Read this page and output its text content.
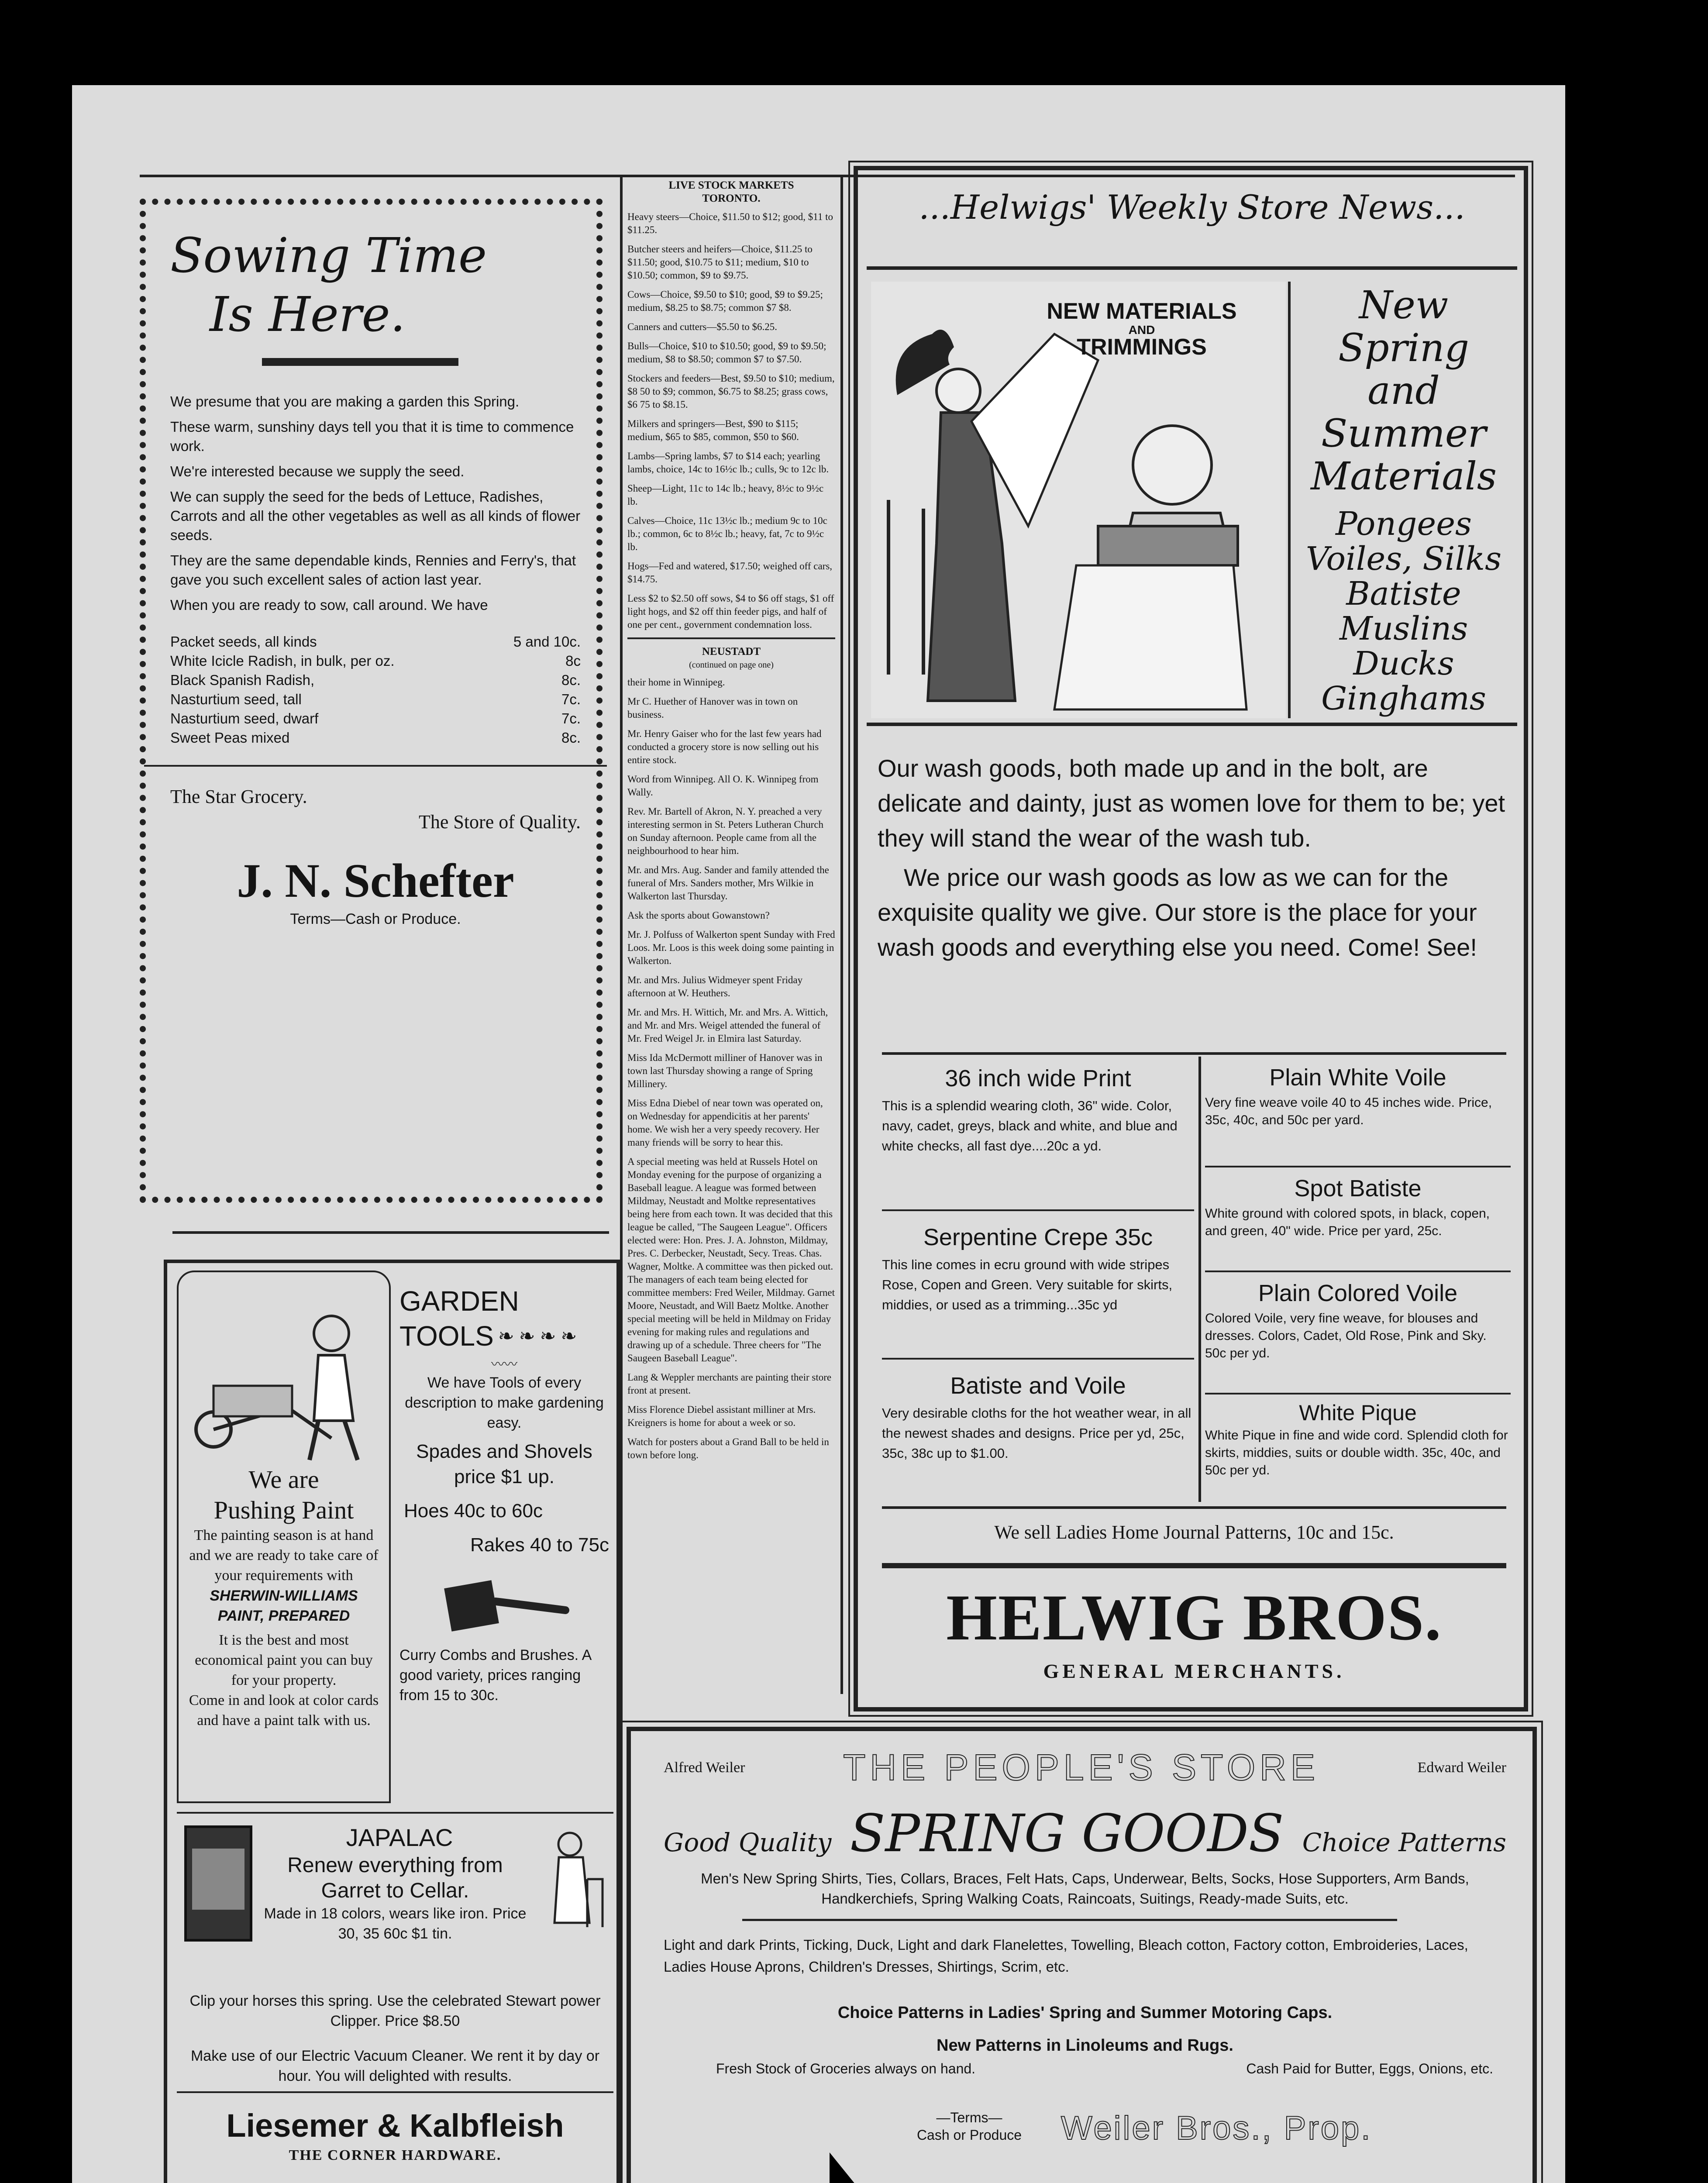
Sowing Time
Is Here.

We presume that you are making a garden this Spring.

These warm, sunshiny days tell you that it is time to commence work.

We're interested because we supply the seed.

We can supply the seed for the beds of Lettuce, Radishes, Carrots and all the other vegetables as well as all kinds of flower seeds.

They are the same dependable kinds, Rennies and Ferry's, that gave you such excellent sales of action last year.

When you are ready to sow, call around. We have

Packet seeds, all kinds	5 and 10c.
White Icicle Radish, in bulk, per oz.	8c
Black Spanish Radish,	8c.
Nasturtium seed, tall	7c.
Nasturtium seed, dwarf	7c.
Sweet Peas mixed	8c.
The Star Grocery.
The Store of Quality.
J. N. Schefter
Terms—Cash or Produce.
We are
Pushing Paint
The painting season is at hand and we are ready to take care of your requirements with
SHERWIN-WILLIAMS
PAINT, PREPARED
It is the best and most economical paint you can buy for your property.
Come in and look at color cards and have a paint talk with us.
GARDEN
TOOLS ❧ ❧ ❧ ❧
〰〰
We have Tools of every description to make gardening easy.
Spades and Shovels
price $1 up.
Hoes 40c to 60c
Rakes 40 to 75c
Curry Combs and Brushes. A good variety, prices ranging from 15 to 30c.
JAPALAC
Renew everything from Garret to Cellar.
Made in 18 colors, wears like iron. Price 30, 35 60c $1 tin.

Clip your horses this spring. Use the celebrated Stewart power Clipper. Price $8.50

Make use of our Electric Vacuum Cleaner. We rent it by day or hour. You will delighted with results.

Liesemer & Kalbfleish
THE CORNER HARDWARE.
LIVE STOCK MARKETS
TORONTO.

Heavy steers—Choice, $11.50 to $12; good, $11 to $11.25.

Butcher steers and heifers—Choice, $11.25 to $11.50; good, $10.75 to $11; medium, $10 to $10.50; common, $9 to $9.75.

Cows—Choice, $9.50 to $10; good, $9 to $9.25; medium, $8.25 to $8.75; common $7 $8.

Canners and cutters—$5.50 to $6.25.

Bulls—Choice, $10 to $10.50; good, $9 to $9.50; medium, $8 to $8.50; common $7 to $7.50.

Stockers and feeders—Best, $9.50 to $10; medium, $8 50 to $9; common, $6.75 to $8.25; grass cows, $6 75 to $8.15.

Milkers and springers—Best, $90 to $115; medium, $65 to $85, common, $50 to $60.

Lambs—Spring lambs, $7 to $14 each; yearling lambs, choice, 14c to 16½c lb.; culls, 9c to 12c lb.

Sheep—Light, 11c to 14c lb.; heavy, 8½c to 9½c lb.

Calves—Choice, 11c 13½c lb.; medium 9c to 10c lb.; common, 6c to 8½c lb.; heavy, fat, 7c to 9½c lb.

Hogs—Fed and watered, $17.50; weighed off cars, $14.75.

Less $2 to $2.50 off sows, $4 to $6 off stags, $1 off light hogs, and $2 off thin feeder pigs, and half of one per cent., government condemnation loss.

NEUSTADT
(continued on page one)

their home in Winnipeg.

Mr C. Huether of Hanover was in town on business.

Mr. Henry Gaiser who for the last few years had conducted a grocery store is now selling out his entire stock.

Word from Winnipeg. All O. K. Winnipeg from Wally.

Rev. Mr. Bartell of Akron, N. Y. preached a very interesting sermon in St. Peters Lutheran Church on Sunday afternoon. People came from all the neighbourhood to hear him.

Mr. and Mrs. Aug. Sander and family attended the funeral of Mrs. Sanders mother, Mrs Wilkie in Walkerton last Thursday.

Ask the sports about Gowanstown?

Mr. J. Polfuss of Walkerton spent Sunday with Fred Loos. Mr. Loos is this week doing some painting in Walkerton.

Mr. and Mrs. Julius Widmeyer spent Friday afternoon at W. Heuthers.

Mr. and Mrs. H. Wittich, Mr. and Mrs. A. Wittich, and Mr. and Mrs. Weigel attended the funeral of Mr. Fred Weigel Jr. in Elmira last Saturday.

Miss Ida McDermott milliner of Hanover was in town last Thursday showing a range of Spring Millinery.

Miss Edna Diebel of near town was operated on, on Wednesday for appendicitis at her parents' home. We wish her a very speedy recovery. Her many friends will be sorry to hear this.

A special meeting was held at Russels Hotel on Monday evening for the purpose of organizing a Baseball league. A league was formed between Mildmay, Neustadt and Moltke representatives being here from each town. It was decided that this league be called, "The Saugeen League". Officers elected were: Hon. Pres. J. A. Johnston, Mildmay, Pres. C. Derbecker, Neustadt, Secy. Treas. Chas. Wagner, Moltke. A committee was then picked out. The managers of each team being elected for committee members: Fred Weiler, Mildmay. Garnet Moore, Neustadt, and Will Baetz Moltke. Another special meeting will be held in Mildmay on Friday evening for making rules and regulations and drawing up of a schedule. Three cheers for "The Saugeen Baseball League".

Lang & Weppler merchants are painting their store front at present.

Miss Florence Diebel assistant milliner at Mrs. Kreigners is home for about a week or so.

Watch for posters about a Grand Ball to be held in town before long.

...Helwigs' Weekly Store News...
NEW MATERIALS
AND
TRIMMINGS
New
Spring
and
Summer
Materials
Pongees
Voiles, Silks
Batiste
Muslins
Ducks
Ginghams

Our wash goods, both made up and in the bolt, are delicate and dainty, just as women love for them to be; yet they will stand the wear of the wash tub.

We price our wash goods as low as we can for the exquisite quality we give. Our store is the place for your wash goods and everything else you need. Come! See!

36 inch wide Print
This is a splendid wearing cloth, 36" wide. Color, navy, cadet, greys, black and white, and blue and white checks, all fast dye....20c a yd.
Serpentine Crepe 35c
This line comes in ecru ground with wide stripes Rose, Copen and Green. Very suitable for skirts, middies, or used as a trimming...35c yd
Batiste and Voile
Very desirable cloths for the hot weather wear, in all the newest shades and designs. Price per yd, 25c, 35c, 38c up to $1.00.
Plain White Voile
Very fine weave voile 40 to 45 inches wide. Price, 35c, 40c, and 50c per yard.
Spot Batiste
White ground with colored spots, in black, copen, and green, 40" wide. Price per yard, 25c.
Plain Colored Voile
Colored Voile, very fine weave, for blouses and dresses. Colors, Cadet, Old Rose, Pink and Sky. 50c per yd.
White Pique
White Pique in fine and wide cord. Splendid cloth for skirts, middies, suits or double width. 35c, 40c, and 50c per yd.
We sell Ladies Home Journal Patterns, 10c and 15c.
HELWIG BROS.
GENERAL MERCHANTS.
Alfred Weiler	THE PEOPLE'S STORE	Edward Weiler
Good Quality SPRING GOODS Choice Patterns
Men's New Spring Shirts, Ties, Collars, Braces, Felt Hats, Caps, Underwear, Belts, Socks, Hose Supporters, Arm Bands, Handkerchiefs, Spring Walking Coats, Raincoats, Suitings, Ready-made Suits, etc.
Light and dark Prints, Ticking, Duck, Light and dark Flanelettes, Towelling, Bleach cotton, Factory cotton, Embroideries, Laces, Ladies House Aprons, Children's Dresses, Shirtings, Scrim, etc.
Choice Patterns in Ladies' Spring and Summer Motoring Caps.
New Patterns in Linoleums and Rugs.
Fresh Stock of Groceries always on hand.	Cash Paid for Butter, Eggs, Onions, etc.
—Terms—
Cash or Produce	Weiler Bros., Prop.
